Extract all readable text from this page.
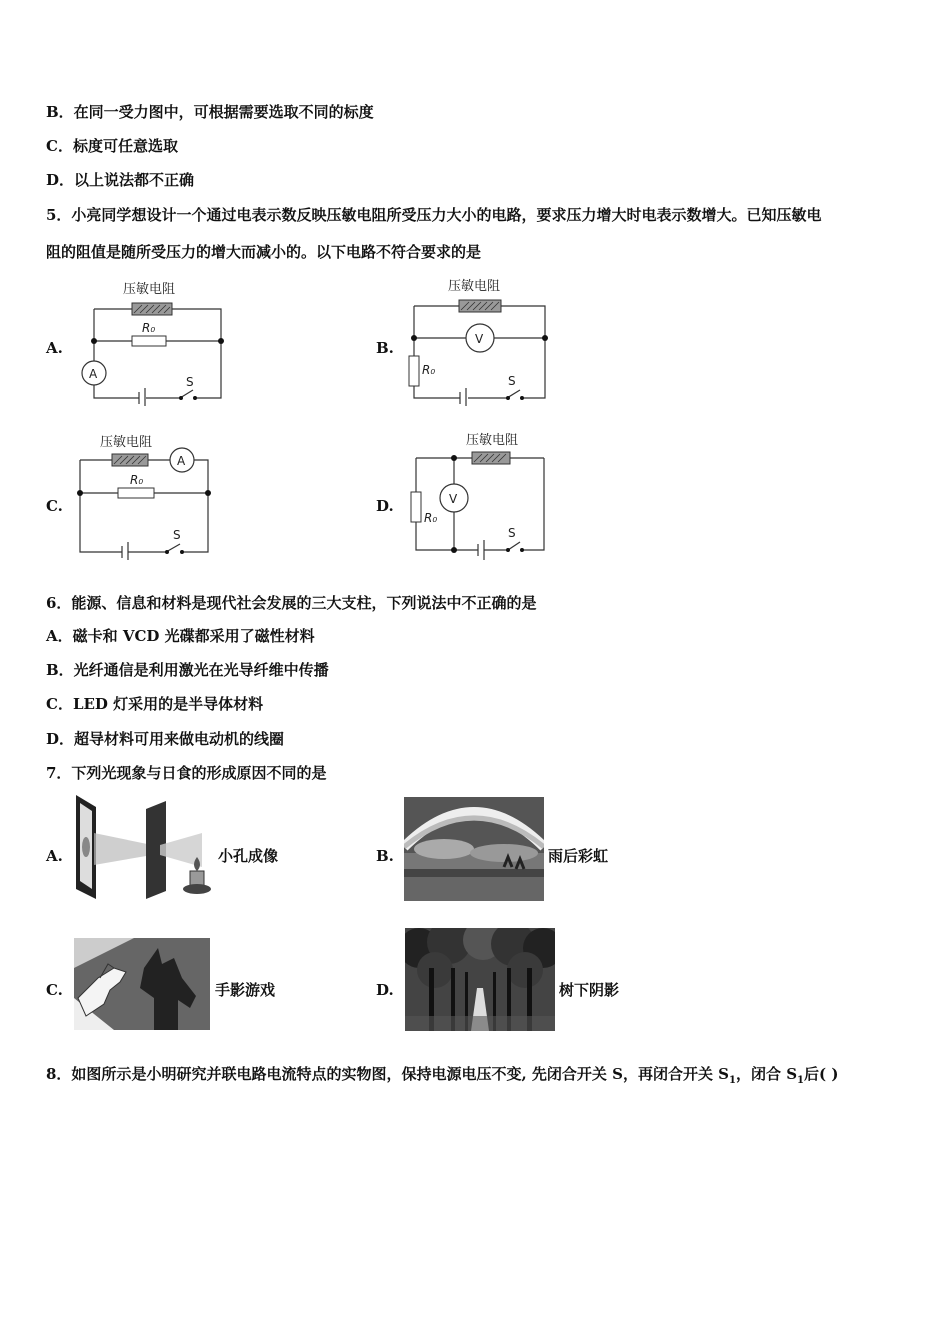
B．在同一受力图中，可根据需要选取不同的标度
C．标度可任意选取
D．以上说法都不正确
5．小亮同学想设计一个通过电表示数反映压敏电阻所受压力大小的电路，要求压力增大时电表示数增大。已知压敏电
阻的阻值是随所受压力的增大而减小的。以下电路不符合要求的是
A.	B.
C.	D.
压敏电阻
R₀
A
S
压敏电阻
R₀
V
S
压敏电阻
R₀
A
S
压敏电阻
R₀
V
S
6．能源、信息和材料是现代社会发展的三大支柱，下列说法中不正确的是
A．磁卡和 VCD 光碟都采用了磁性材料
B．光纤通信是利用激光在光导纤维中传播
C．LED 灯采用的是半导体材料
D．超导材料可用来做电动机的线圈
7．下列光现象与日食的形成原因不同的是
A.	B.
C.	D.
小孔成像	雨后彩虹
手影游戏	树下阴影
8．如图所示是小明研究并联电路电流特点的实物图，保持电源电压不变, 先闭合开关 S，再闭合开关 $S_1$，闭合 $S_1$后( )
